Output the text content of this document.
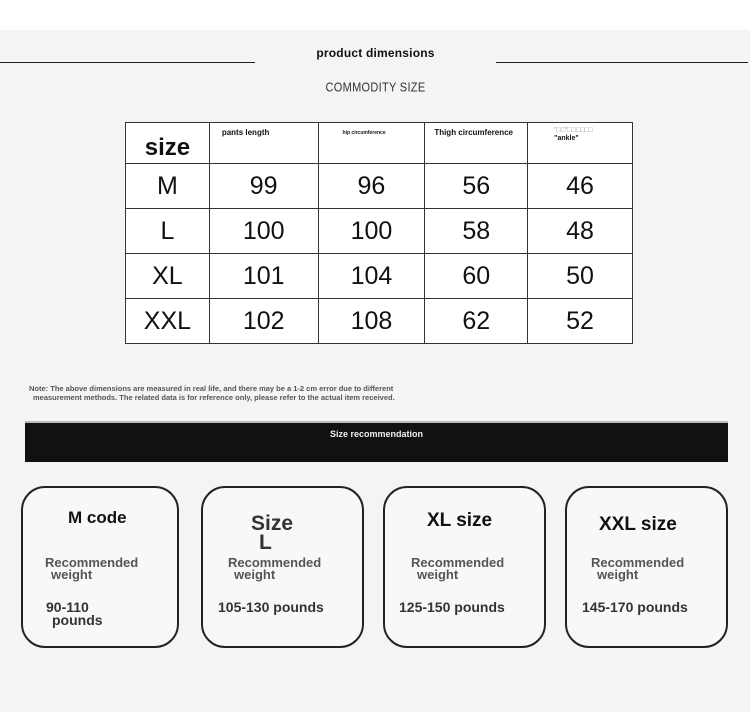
product dimensions
COMMODITY SIZE
size	pants length	hip circumference	Thigh circumference	"□□"□□□□□□
"ankle"

M	99	96	56	46
L	100	100	58	48
XL	101	104	60	50
XXL	102	108	62	52
Note: The above dimensions are measured in real life, and there may be a 1-2 cm error due to different
measurement methods. The related data is for reference only, please refer to the actual item received.
Size recommendation
M code
Recommended
weight
90-110
pounds
Size
L
Recommended
weight
105-130 pounds
XL size
Recommended
weight
125-150 pounds
XXL size
Recommended
weight
145-170 pounds
